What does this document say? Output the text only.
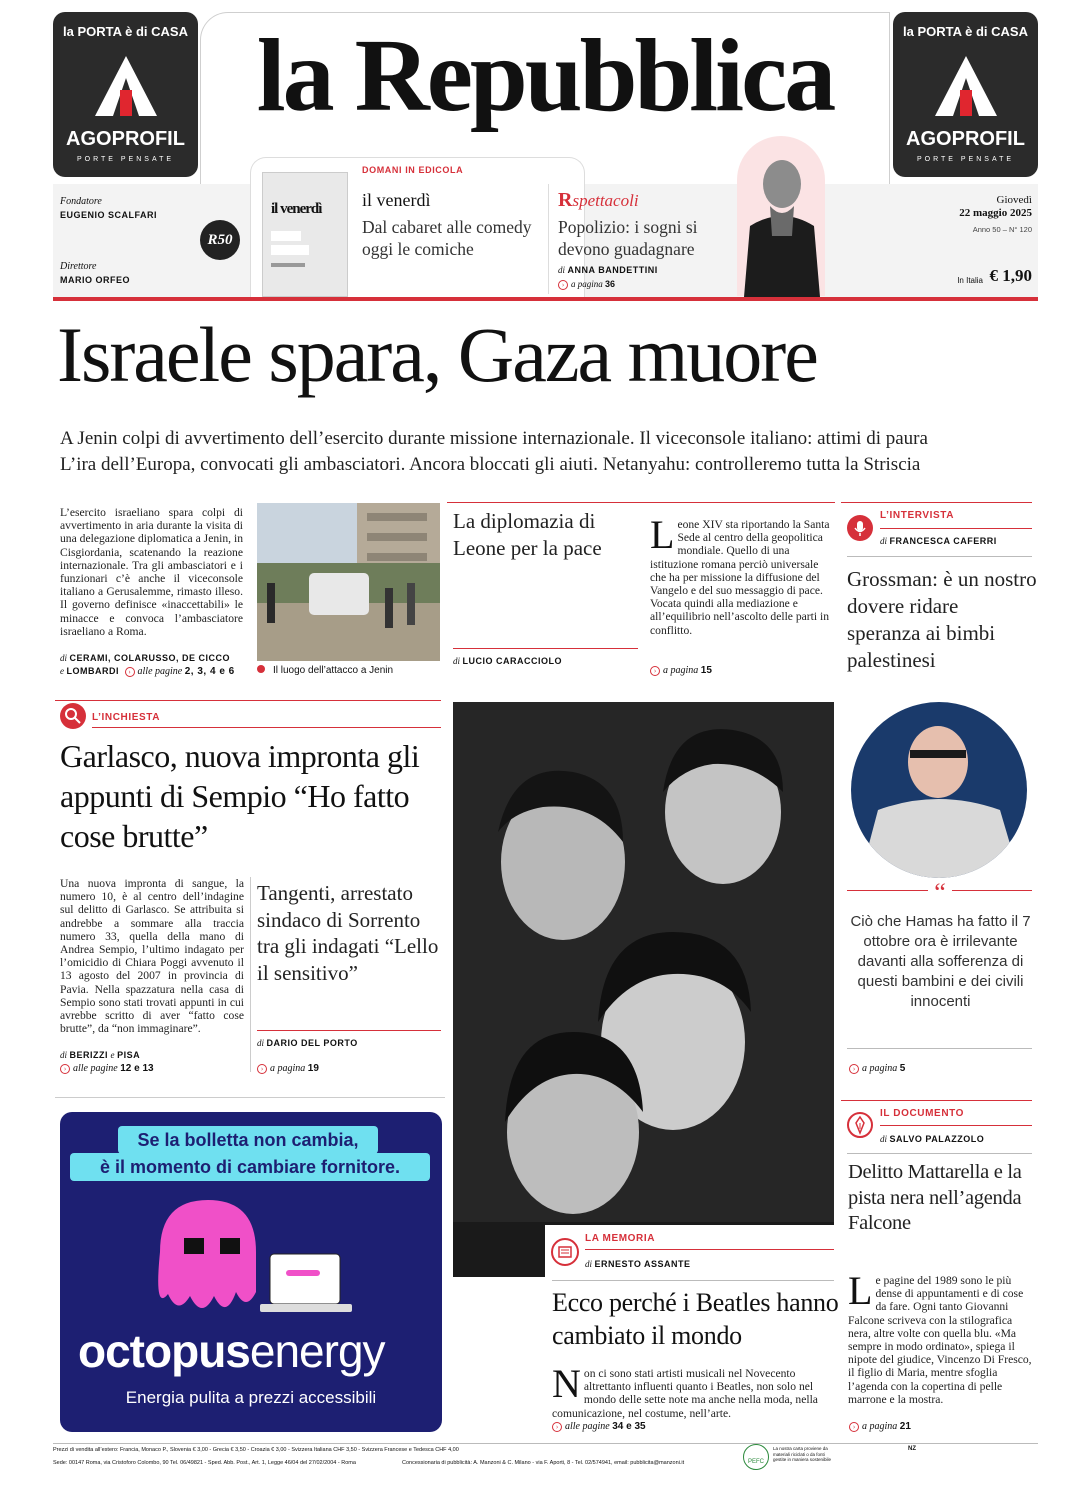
la PORTA è di CASA
AGOPROFIL
PORTE PENSATE
la PORTA è di CASA
AGOPROFIL
PORTE PENSATE
la Repubblica
Fondatore
EUGENIO SCALFARI
Direttore
MARIO ORFEO
R50
il venerdì
DOMANI IN EDICOLA
il venerdì
Dal cabaret alle comedy oggi le comiche
Rspettacoli
Popolizio: i sogni si devono guadagnare
di ANNA BANDETTINI
› a pagina 36
Giovedì
22 maggio 2025
Anno 50 – N° 120
In Italia € 1,90
Israele spara, Gaza muore
A Jenin colpi di avvertimento dell’esercito durante missione internazionale. Il viceconsole italiano: attimi di paura
L’ira dell’Europa, convocati gli ambasciatori. Ancora bloccati gli aiuti. Netanyahu: controlleremo tutta la Striscia
L’esercito israeliano spara colpi di avvertimento in aria durante la visita di una delegazione diplomatica a Jenin, in Cisgiordania, scatenando la reazione internazionale. Tra gli ambasciatori e i funzionari c’è anche il viceconsole italiano a Gerusalemme, rimasto illeso. Il governo definisce «inaccettabili» le minacce e convoca l’ambasciatore israeliano a Roma.
di CERAMI, COLARUSSO, DE CICCO
e LOMBARDI › alle pagine 2, 3, 4 e 6	Il luogo dell’attacco a Jenin
La diplomazia di Leone per la pace
di LUCIO CARACCIOLO
L eone XIV sta riportando la Santa Sede al centro della geopolitica mondiale. Quello di una istituzione romana perciò universale che ha per missione la diffusione del Vangelo e del suo messaggio di pace. Vocata quindi alla mediazione e all’equilibrio nell’ascolto delle parti in conflitto.
› a pagina 15
L’INTERVISTA
di FRANCESCA CAFERRI
Grossman: è un nostro dovere ridare speranza ai bimbi palestinesi
“
Ciò che Hamas ha fatto il 7 ottobre ora è irrilevante davanti alla sofferenza di questi bambini e dei civili innocenti
› a pagina 5
L’INCHIESTA
Garlasco, nuova impronta gli appunti di Sempio “Ho fatto cose brutte”
Una nuova impronta di sangue, la numero 10, è al centro dell’indagine sul delitto di Garlasco. Se attribuita si andrebbe a sommare alla traccia numero 33, quella della mano di Andrea Sempio, l’ultimo indagato per l’omicidio di Chiara Poggi avvenuto il 13 agosto del 2007 in provincia di Pavia. Nella spazzatura nella casa di Sempio sono stati trovati appunti in cui avrebbe scritto di aver “fatto cose brutte”, da “non immaginare”.
di BERIZZI e PISA
› alle pagine 12 e 13
Tangenti, arrestato sindaco di Sorrento tra gli indagati “Lello il sensitivo”
di DARIO DEL PORTO
› a pagina 19
Se la bolletta non cambia,
è il momento di cambiare fornitore.
octopusenergy
Energia pulita a prezzi accessibili
LA MEMORIA
di ERNESTO ASSANTE
Ecco perché i Beatles hanno cambiato il mondo
N on ci sono stati artisti musicali nel Novecento altrettanto influenti quanto i Beatles, non solo nel mondo delle sette note ma anche nella moda, nella comunicazione, nel costume, nell’arte.
› alle pagine 34 e 35
IL DOCUMENTO
di SALVO PALAZZOLO
Delitto Mattarella e la pista nera nell’agenda Falcone
L e pagine del 1989 sono le più dense di appuntamenti e di cose da fare. Ogni tanto Giovanni Falcone scriveva con la stilografica nera, altre volte con quella blu. «Ma sempre in modo ordinato», spiega il nipote del giudice, Vincenzo Di Fresco, il figlio di Maria, mentre sfoglia l’agenda con la copertina di pelle marrone e la mostra.
› a pagina 21
Prezzi di vendita all’estero: Francia, Monaco P., Slovenia € 3,00 - Grecia € 3,50 - Croazia € 3,00 - Svizzera Italiana CHF 3,50 - Svizzera Francese e Tedesca CHF 4,00
Sede: 00147 Roma, via Cristoforo Colombo, 90 Tel. 06/49821 - Sped. Abb. Post., Art. 1, Legge 46/04 del 27/02/2004 - Roma	Concessionaria di pubblicità: A. Manzoni & C. Milano - via F. Aporti, 8 - Tel. 02/574941, email: pubblicita@manzoni.it	PEFC
La nostra carta proviene da materiali riciclati o da fonti gestite in maniera sostenibile
NZ
